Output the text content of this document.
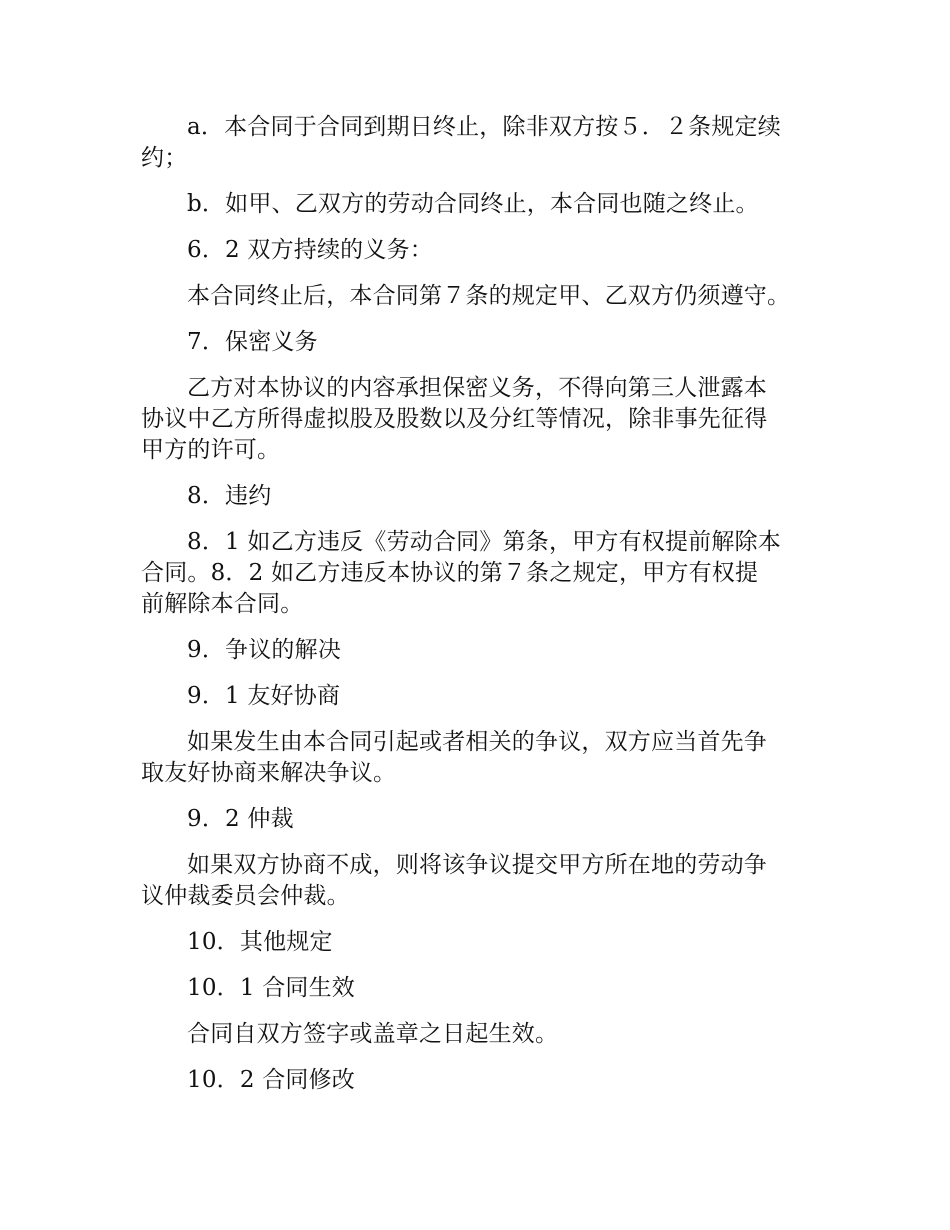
a．本合同于合同到期日终止，除非双方按５．２条规定续
约；

b．如甲、乙双方的劳动合同终止，本合同也随之终止。

6．2 双方持续的义务：

本合同终止后，本合同第７条的规定甲、乙双方仍须遵守。

7．保密义务

乙方对本协议的内容承担保密义务，不得向第三人泄露本
协议中乙方所得虚拟股及股数以及分红等情况，除非事先征得
甲方的许可。

8．违约

8．1 如乙方违反《劳动合同》第条，甲方有权提前解除本
合同。8．2 如乙方违反本协议的第７条之规定，甲方有权提
前解除本合同。

9．争议的解决

9．1 友好协商

如果发生由本合同引起或者相关的争议，双方应当首先争
取友好协商来解决争议。

9．2 仲裁

如果双方协商不成，则将该争议提交甲方所在地的劳动争
议仲裁委员会仲裁。

10．其他规定

10．1 合同生效

合同自双方签字或盖章之日起生效。

10．2 合同修改
